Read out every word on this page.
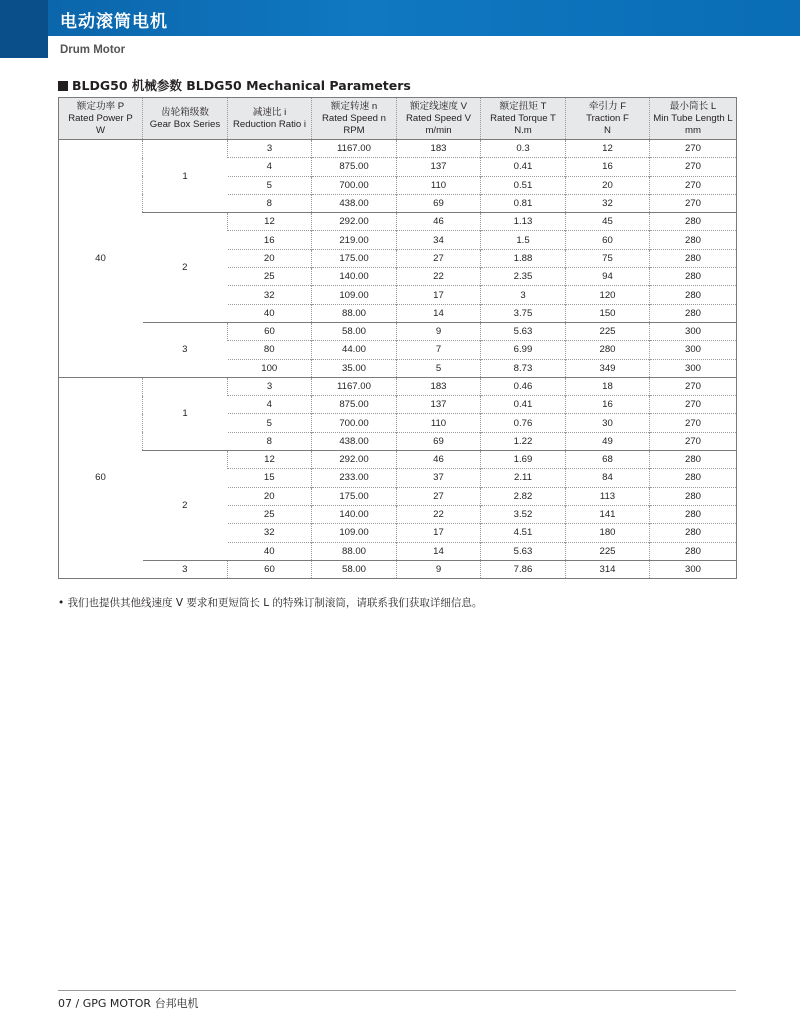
电动滚筒电机
Drum Motor
BLDG50 机械参数 BLDG50 Mechanical Parameters
额定功率 P
Rated Power P
W	齿轮箱级数
Gear Box Series	减速比 i
Reduction Ratio i	额定转速 n
Rated Speed n
RPM	额定线速度 V
Rated Speed V
m/min	额定扭矩 T
Rated Torque T
N.m	牵引力 F
Traction F
N	最小筒长 L
Min Tube Length L
mm

40	1	3	1167.00	183	0.3	12	270
		4	875.00	137	0.41	16	270
		5	700.00	110	0.51	20	270
		8	438.00	69	0.81	32	270
	2	12	292.00	46	1.13	45	280
		16	219.00	34	1.5	60	280
		20	175.00	27	1.88	75	280
		25	140.00	22	2.35	94	280
		32	109.00	17	3	120	280
		40	88.00	14	3.75	150	280
	3	60	58.00	9	5.63	225	300
		80	44.00	7	6.99	280	300
		100	35.00	5	8.73	349	300
60	1	3	1167.00	183	0.46	18	270
		4	875.00	137	0.41	16	270
		5	700.00	110	0.76	30	270
		8	438.00	69	1.22	49	270
	2	12	292.00	46	1.69	68	280
		15	233.00	37	2.11	84	280
		20	175.00	27	2.82	113	280
		25	140.00	22	3.52	141	280
		32	109.00	17	4.51	180	280
		40	88.00	14	5.63	225	280
	3	60	58.00	9	7.86	314	300
• 我们也提供其他线速度 V 要求和更短筒长 L 的特殊订制滚筒，请联系我们获取详细信息。
07 / GPG MOTOR 台邦电机
